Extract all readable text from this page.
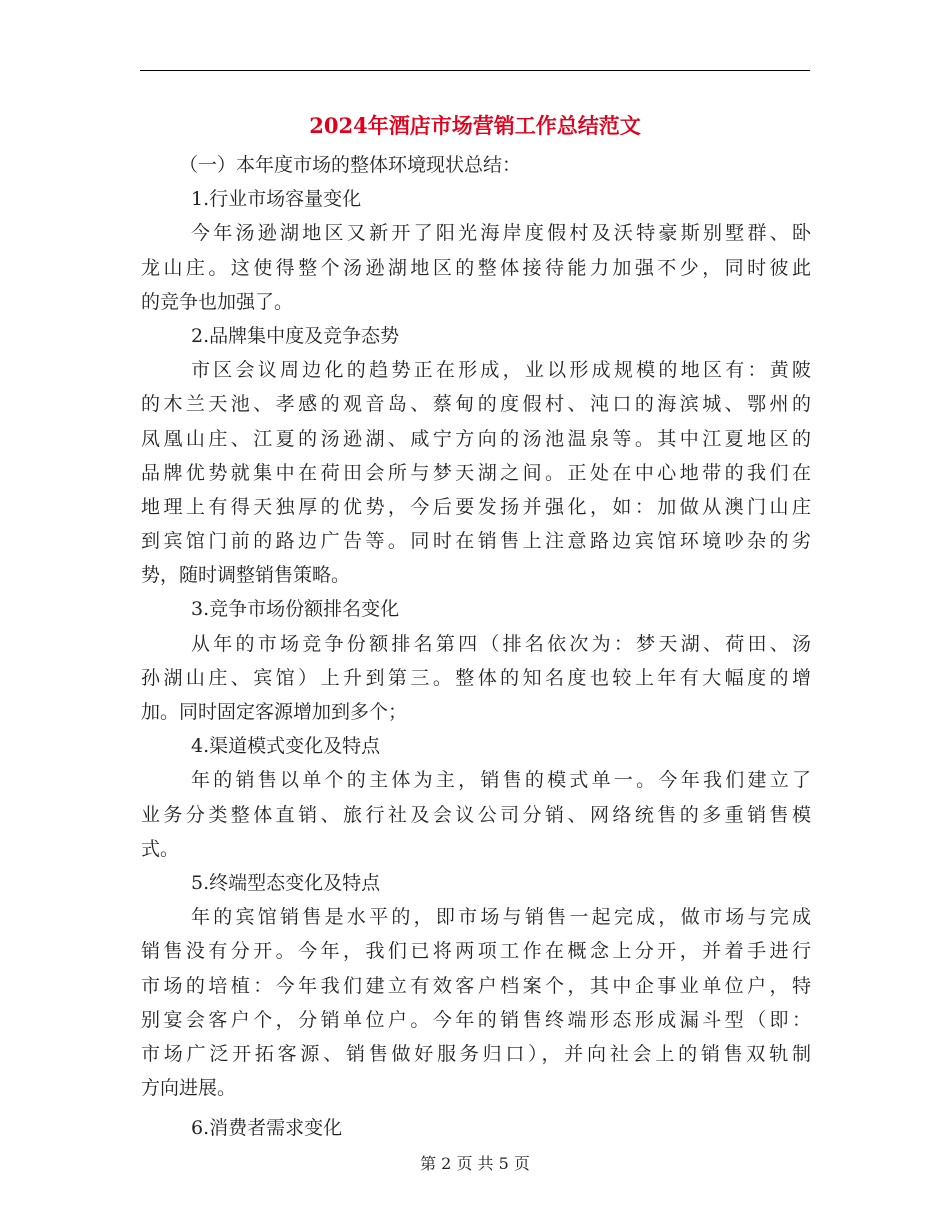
2024年酒店市场营销工作总结范文
（一）本年度市场的整体环境现状总结：
1.行业市场容量变化
今年汤逊湖地区又新开了阳光海岸度假村及沃特豪斯别墅群、卧
龙山庄。这使得整个汤逊湖地区的整体接待能力加强不少，同时彼此
的竞争也加强了。
2.品牌集中度及竞争态势
市区会议周边化的趋势正在形成，业以形成规模的地区有：黄陂
的木兰天池、孝感的观音岛、蔡甸的度假村、沌口的海滨城、鄂州的
凤凰山庄、江夏的汤逊湖、咸宁方向的汤池温泉等。其中江夏地区的
品牌优势就集中在荷田会所与梦天湖之间。正处在中心地带的我们在
地理上有得天独厚的优势，今后要发扬并强化，如：加做从澳门山庄
到宾馆门前的路边广告等。同时在销售上注意路边宾馆环境吵杂的劣
势，随时调整销售策略。
3.竞争市场份额排名变化
从年的市场竞争份额排名第四（排名依次为：梦天湖、荷田、汤
孙湖山庄、宾馆）上升到第三。整体的知名度也较上年有大幅度的增
加。同时固定客源增加到多个；
4.渠道模式变化及特点
年的销售以单个的主体为主，销售的模式单一。今年我们建立了
业务分类整体直销、旅行社及会议公司分销、网络统售的多重销售模
式。
5.终端型态变化及特点
年的宾馆销售是水平的，即市场与销售一起完成，做市场与完成
销售没有分开。今年，我们已将两项工作在概念上分开，并着手进行
市场的培植：今年我们建立有效客户档案个，其中企事业单位户，特
别宴会客户个，分销单位户。今年的销售终端形态形成漏斗型（即：
市场广泛开拓客源、销售做好服务归口），并向社会上的销售双轨制
方向进展。
6.消费者需求变化
第 2 页 共 5 页
